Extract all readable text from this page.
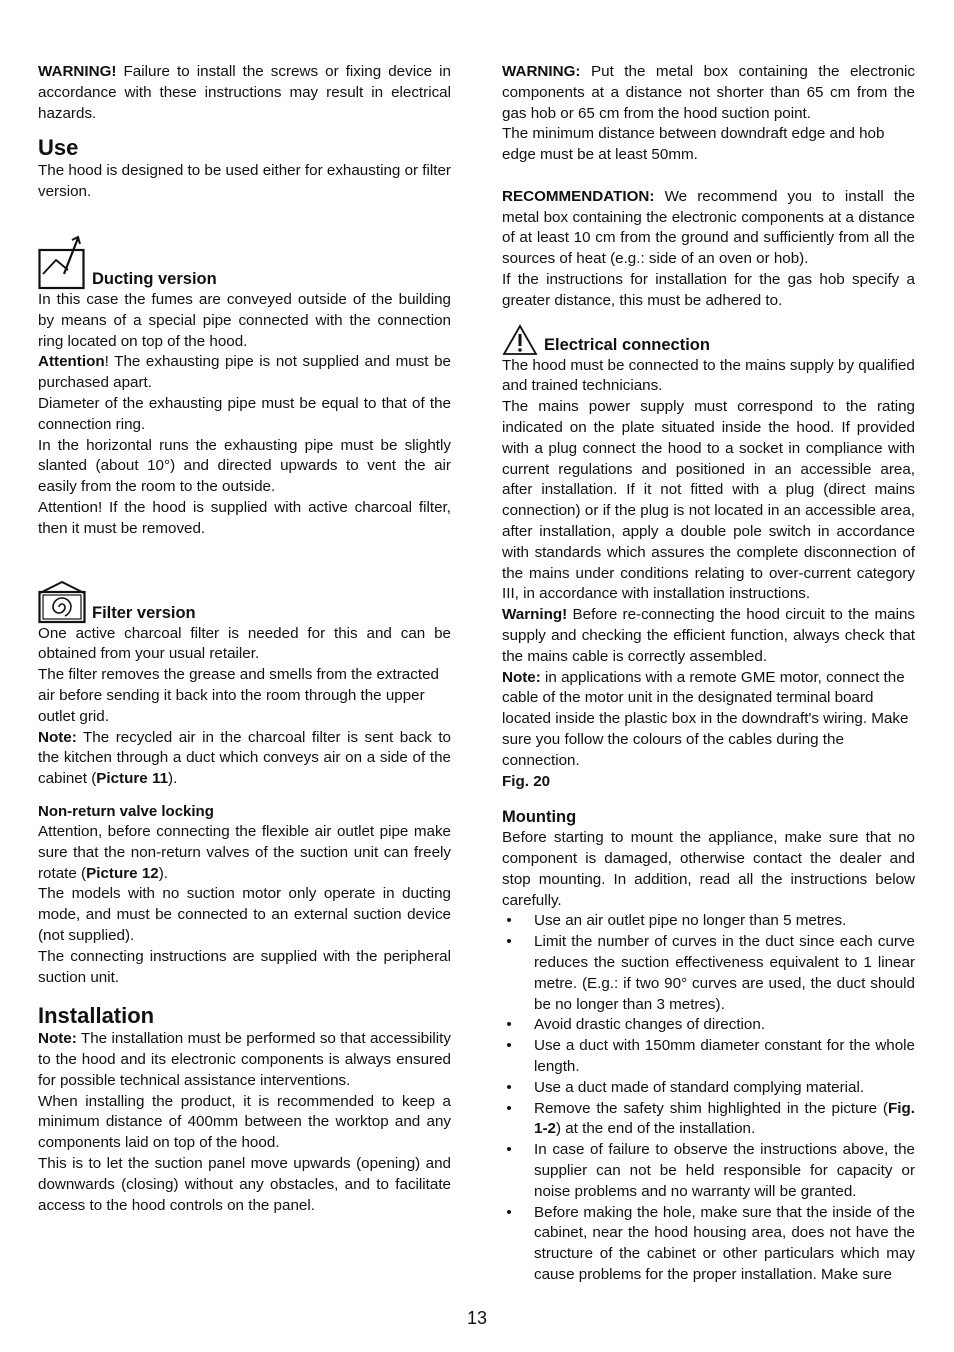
WARNING! Failure to install the screws or fixing device in accordance with these instructions may result in electrical hazards.

Use

The hood is designed to be used either for exhausting or filter version.

Ducting version

In this case the fumes are conveyed outside of the building by means of a special pipe connected with the connection ring located on top of the hood.

Attention! The exhausting pipe is not supplied and must be purchased apart.

Diameter of the exhausting pipe must be equal to that of the connection ring.

In the horizontal runs the exhausting pipe must be slightly slanted (about 10°) and directed upwards to vent the air easily from the room to the outside.

Attention! If the hood is supplied with active charcoal filter, then it must be removed.

Filter version

One active charcoal filter is needed for this and can be obtained from your usual retailer.

The filter removes the grease and smells from the extracted air before sending it back into the room through the upper outlet grid.

Note: The recycled air in the charcoal filter is sent back to the kitchen through a duct which conveys air on a side of the cabinet (Picture 11).

Non-return valve locking

Attention, before connecting the flexible air outlet pipe make sure that the non-return valves of the suction unit can freely rotate (Picture 12).

The models with no suction motor only operate in ducting mode, and must be connected to an external suction device (not supplied).

The connecting instructions are supplied with the peripheral suction unit.

Installation

Note: The installation must be performed so that accessibility to the hood and its electronic components is always ensured for possible technical assistance interventions.

When installing the product, it is recommended to keep a minimum distance of 400mm between the worktop and any components laid on top of the hood.

This is to let the suction panel move upwards (opening) and downwards (closing) without any obstacles, and to facilitate access to the hood controls on the panel.

WARNING: Put the metal box containing the electronic components at a distance not shorter than 65 cm from the gas hob or 65 cm from the hood suction point.

The minimum distance between downdraft edge and hob
edge must be at least 50mm.

RECOMMENDATION: We recommend you to install the metal box containing the electronic components at a distance of at least 10 cm from the ground and sufficiently from all the sources of heat (e.g.: side of an oven or hob).

If the instructions for installation for the gas hob specify a greater distance, this must be adhered to.

Electrical connection

The hood must be connected to the mains supply by qualified and trained technicians.

The mains power supply must correspond to the rating indicated on the plate situated inside the hood. If provided with a plug connect the hood to a socket in compliance with current regulations and positioned in an accessible area, after installation. If it not fitted with a plug (direct mains connection) or if the plug is not located in an accessible area, after installation, apply a double pole switch in accordance with standards which assures the complete disconnection of the mains under conditions relating to over-current category III, in accordance with installation instructions.

Warning! Before re-connecting the hood circuit to the mains supply and checking the efficient function, always check that the mains cable is correctly assembled.

Note: in applications with a remote GME motor, connect the
cable of the motor unit in the designated terminal board
located inside the plastic box in the downdraft's wiring. Make
sure you follow the colours of the cables during the
connection.

Fig. 20

Mounting

Before starting to mount the appliance, make sure that no component is damaged, otherwise contact the dealer and stop mounting. In addition, read all the instructions below carefully.

• Use an air outlet pipe no longer than 5 metres.
• Limit the number of curves in the duct since each curve reduces the suction effectiveness equivalent to 1 linear metre. (E.g.: if two 90° curves are used, the duct should be no longer than 3 metres).
• Avoid drastic changes of direction.
• Use a duct with 150mm diameter constant for the whole length.
• Use a duct made of standard complying material.
• Remove the safety shim highlighted in the picture (Fig. 1-2) at the end of the installation.
• In case of failure to observe the instructions above, the supplier can not be held responsible for capacity or noise problems and no warranty will be granted.
• Before making the hole, make sure that the inside of the cabinet, near the hood housing area, does not have the structure of the cabinet or other particulars which may cause problems for the proper installation. Make sure
13
